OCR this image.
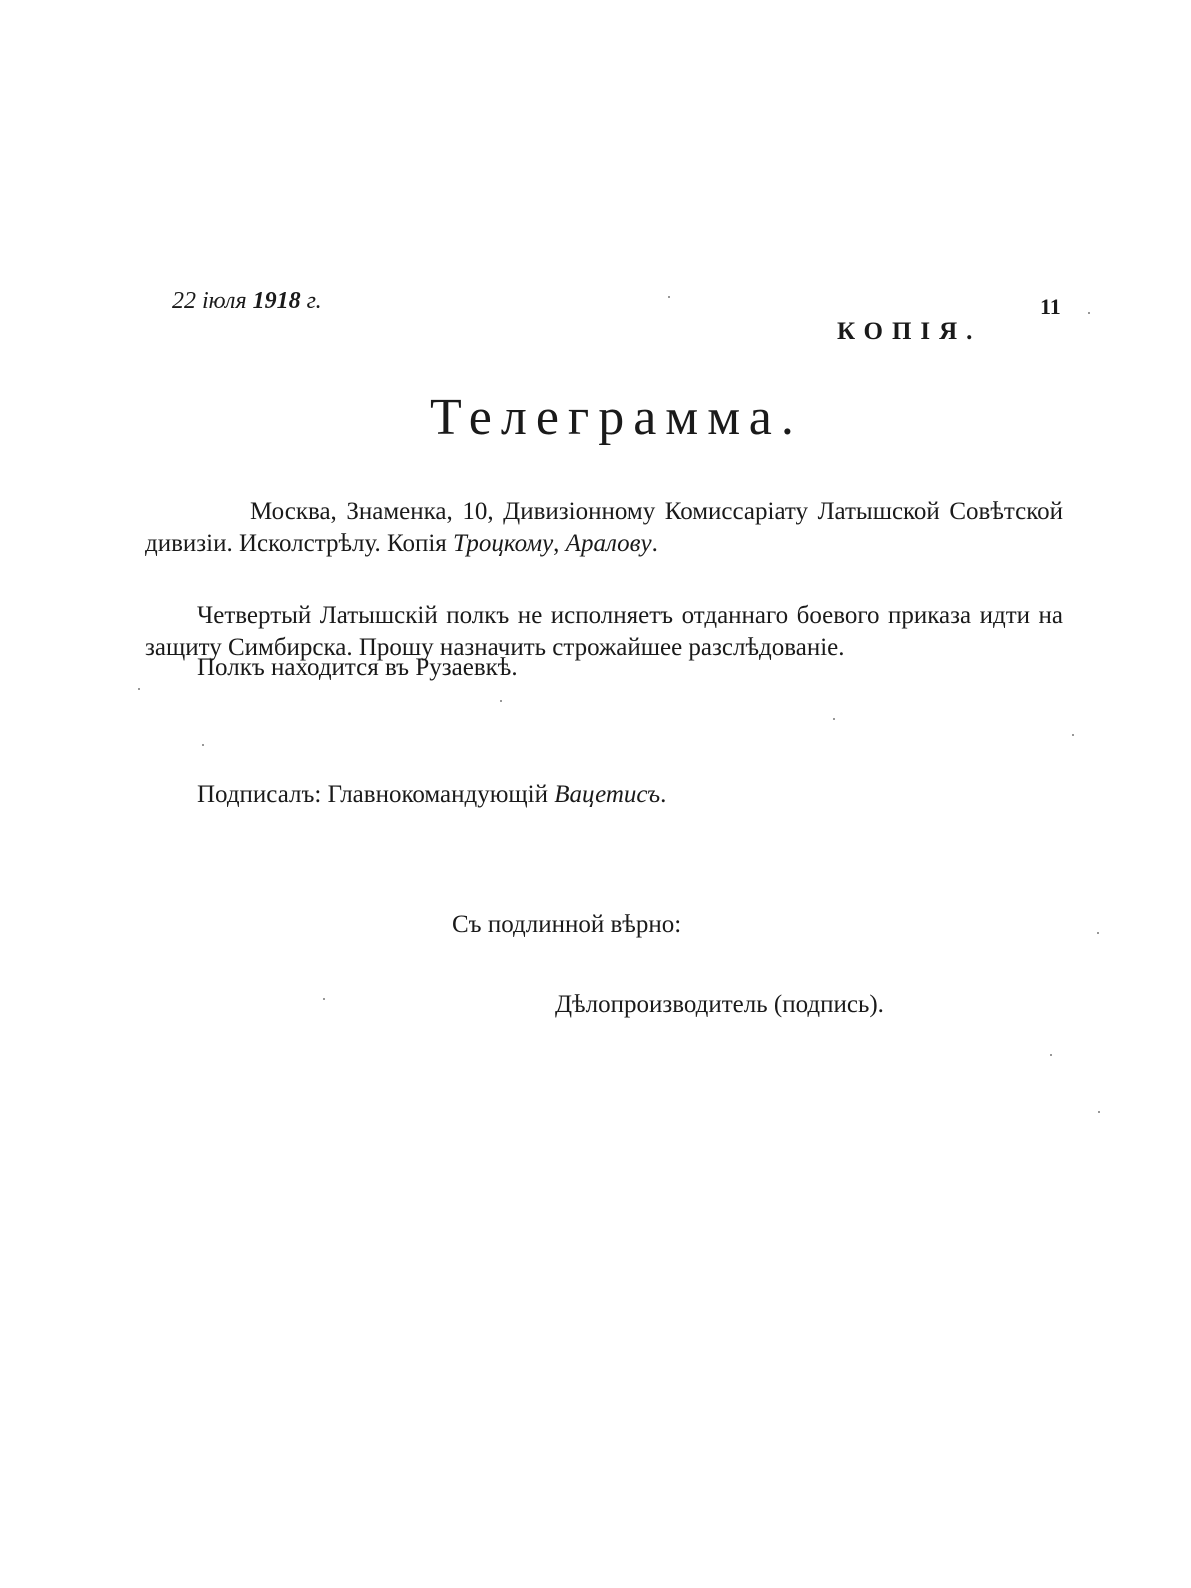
22 іюля 1918 г.	11
КОПІЯ.
Телеграмма.
Москва, Знаменка, 10, Дивизіонному Комиссаріату Латышской Совѣтской дивизіи. Исколстрѣлу. Копія Троцкому, Аралову.
Четвертый Латышскій полкъ не исполняетъ отданнаго боевого приказа идти на защиту Симбирска. Прошу назначить строжайшее разслѣдованіе.
Полкъ находится въ Рузаевкѣ.
Подписалъ: Главнокомандующій Вацетисъ.
Съ подлинной вѣрно:
Дѣлопроизводитель (подпись).
